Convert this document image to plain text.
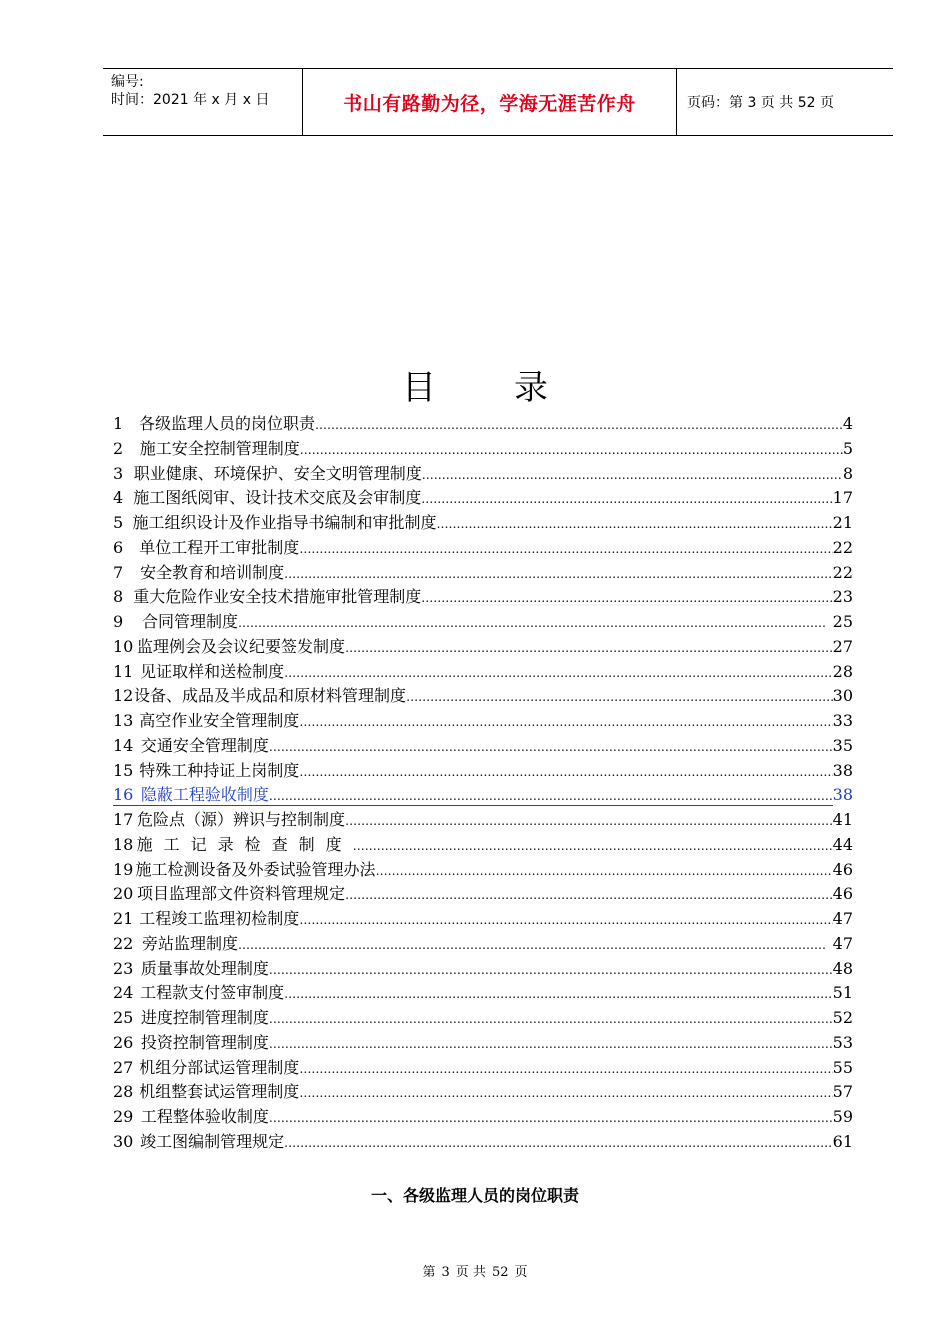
编号:
时间：2021 年 x 月 x 日	书山有路勤为径，学海无涯苦作舟	页码：第 3 页 共 52 页
目 录
1 各级监理人员的岗位职责 …………………………………………………………………………………………………………………………………	4
2	施工安全控制管理制度 …………………………………………………………………………………………………………………………………	5
3 职业健康、环境保护、安全文明管理制度 …………………………………………………………………………………………………………………………………	8
4 施工图纸阅审、设计技术交底及会审制度 …………………………………………………………………………………………………………………………………	17
5 施工组织设计及作业指导书编制和审批制度 …………………………………………………………………………………………………………………………………	21
6	单位工程开工审批制度 …………………………………………………………………………………………………………………………………	22
7	安全教育和培训制度 …………………………………………………………………………………………………………………………………	22
8 重大危险作业安全技术措施审批管理制度 …………………………………………………………………………………………………………………………………	23
9	合同管理制度 …………………………………………………………………………………………………………………………………	25
10 监理例会及会议纪要签发制度 …………………………………………………………………………………………………………………………………	27
11 见证取样和送检制度 …………………………………………………………………………………………………………………………………	28
12 设备、成品及半成品和原材料管理制度 …………………………………………………………………………………………………………………………………	30
13 高空作业安全管理制度 …………………………………………………………………………………………………………………………………	33
14 交通安全管理制度 …………………………………………………………………………………………………………………………………	35
15 特殊工种持证上岗制度 …………………………………………………………………………………………………………………………………	38
16 隐蔽工程验收制度 …………………………………………………………………………………………………………………………………	38
17 危险点（源）辨识与控制制度 …………………………………………………………………………………………………………………………………	41
18 施工记录检查制度 …………………………………………………………………………………………………………………………………	44
19 施工检测设备及外委试验管理办法 …………………………………………………………………………………………………………………………………	46
20 项目监理部文件资料管理规定 …………………………………………………………………………………………………………………………………	46
21 工程竣工监理初检制度 …………………………………………………………………………………………………………………………………	47
22 旁站监理制度 …………………………………………………………………………………………………………………………………	47
23 质量事故处理制度 …………………………………………………………………………………………………………………………………	48
24 工程款支付签审制度 …………………………………………………………………………………………………………………………………	51
25 进度控制管理制度 …………………………………………………………………………………………………………………………………	52
26 投资控制管理制度 …………………………………………………………………………………………………………………………………	53
27 机组分部试运管理制度 …………………………………………………………………………………………………………………………………	55
28 机组整套试运管理制度 …………………………………………………………………………………………………………………………………	57
29 工程整体验收制度 …………………………………………………………………………………………………………………………………	59
30 竣工图编制管理规定 …………………………………………………………………………………………………………………………………	61
一、各级监理人员的岗位职责
第 3 页 共 52 页
